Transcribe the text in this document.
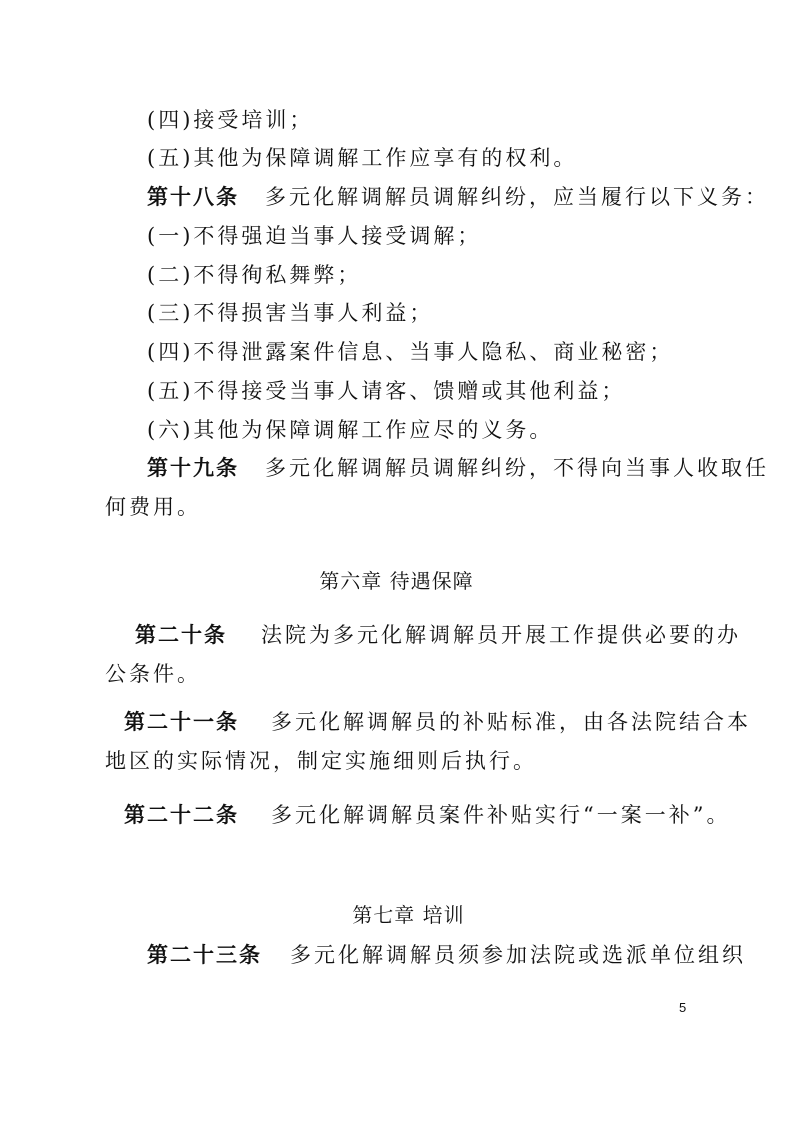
(四)接受培训；
(五)其他为保障调解工作应享有的权利。
第十八条 多元化解调解员调解纠纷，应当履行以下义务：
(一)不得强迫当事人接受调解；
(二)不得徇私舞弊；
(三)不得损害当事人利益；
(四)不得泄露案件信息、当事人隐私、商业秘密；
(五)不得接受当事人请客、馈赠或其他利益；
(六)其他为保障调解工作应尽的义务。
第十九条 多元化解调解员调解纠纷，不得向当事人收取任
何费用。
第六章 待遇保障
第二十条 法院为多元化解调解员开展工作提供必要的办
公条件。
第二十一条 多元化解调解员的补贴标准，由各法院结合本
地区的实际情况，制定实施细则后执行。
第二十二条 多元化解调解员案件补贴实行“一案一补”。
第七章 培训
第二十三条 多元化解调解员须参加法院或选派单位组织
5
